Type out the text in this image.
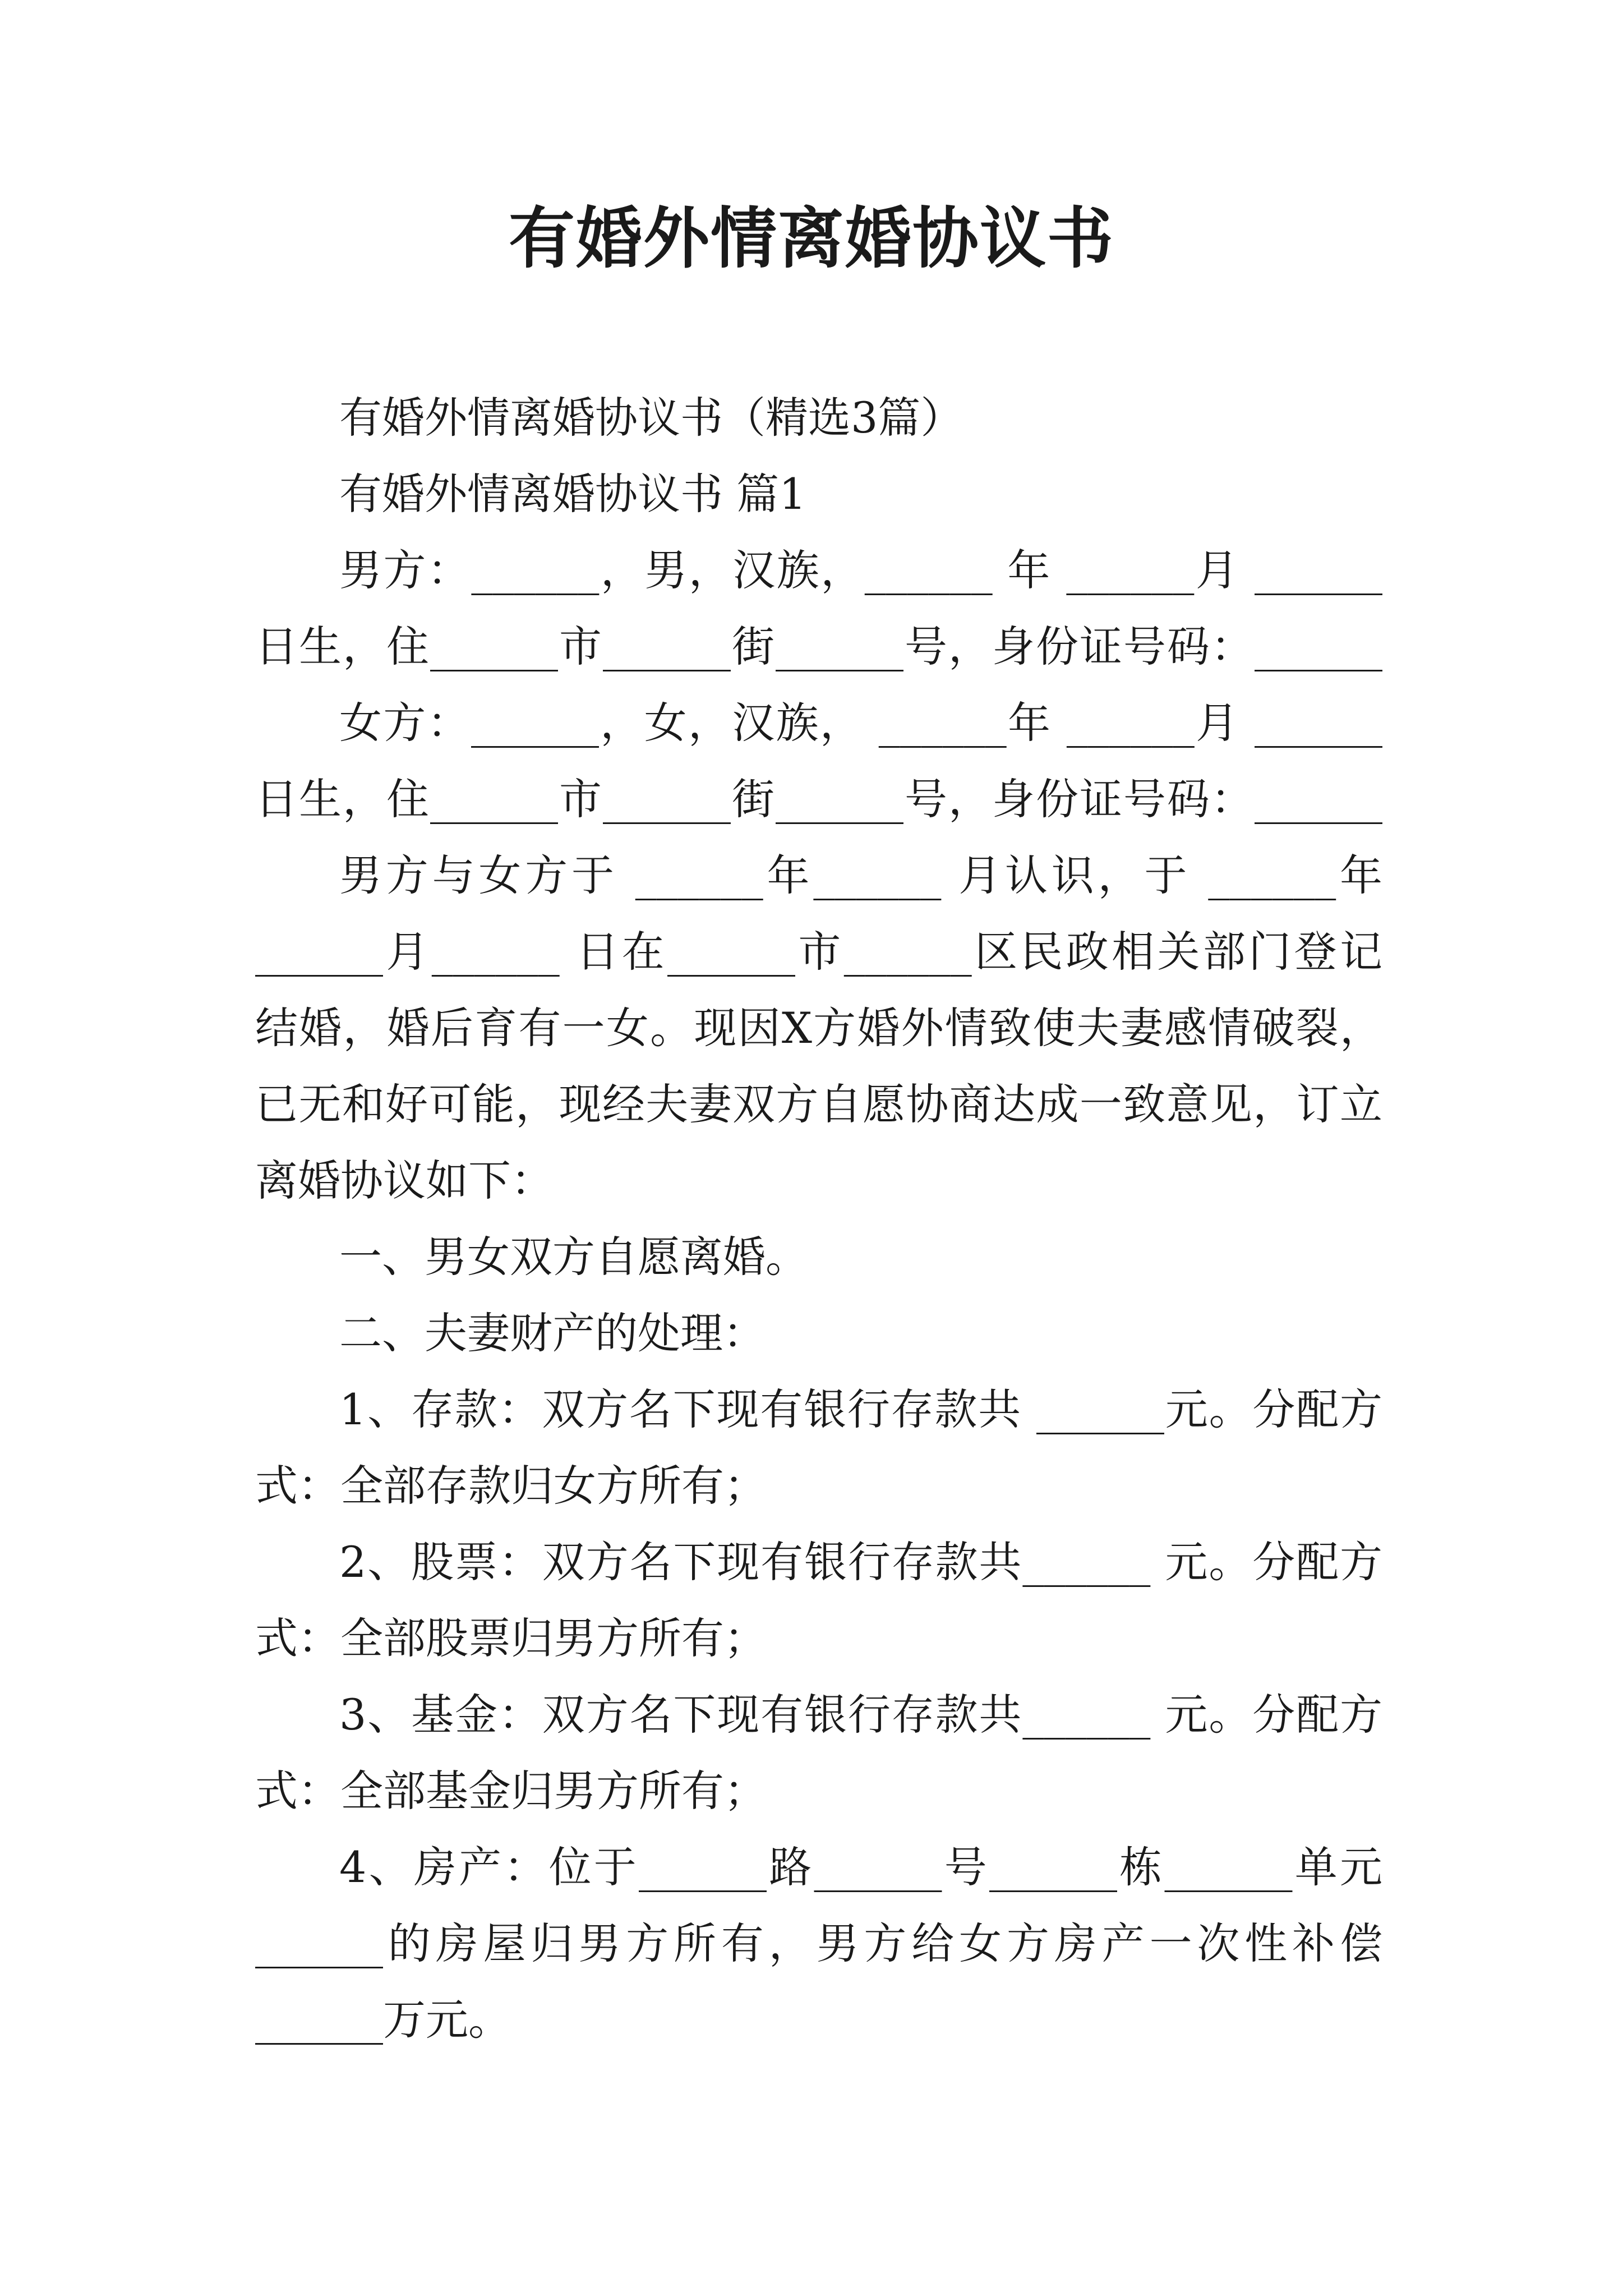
有婚外情离婚协议书
有婚外情离婚协议书（精选3篇）
有婚外情离婚协议书 篇1
男方：______，男，汉族，______ 年 ______月 ______
日生，住______市______街______号，身份证号码：______
女方：______，女，汉族， ______年 ______月 ______
日生，住______市______街______号，身份证号码：______
男方与女方于 ______年______ 月认识，于 ______年
______月______ 日在______市______区民政相关部门登记
结婚，婚后育有一女。现因X方婚外情致使夫妻感情破裂，
已无和好可能，现经夫妻双方自愿协商达成一致意见，订立
离婚协议如下：
一、男女双方自愿离婚。
二、夫妻财产的处理：
1、存款：双方名下现有银行存款共 ______元。分配方
式：全部存款归女方所有；
2、股票：双方名下现有银行存款共______ 元。分配方
式：全部股票归男方所有；
3、基金：双方名下现有银行存款共______ 元。分配方
式：全部基金归男方所有；
4、房产：位于______路______号______栋______单元
______的房屋归男方所有，男方给女方房产一次性补偿
______万元。
